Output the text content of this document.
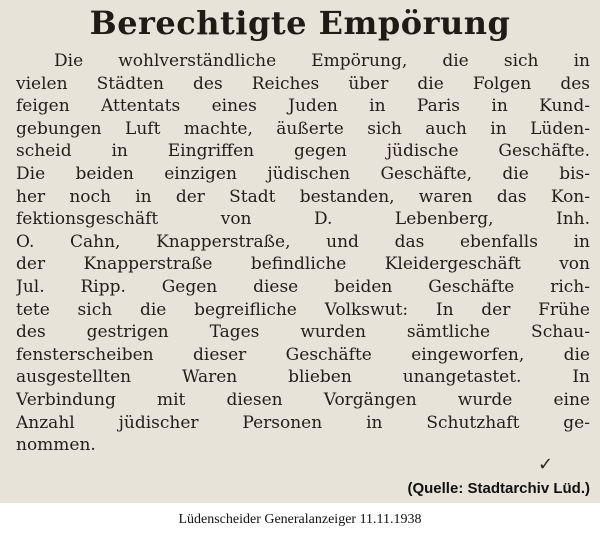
Berechtigte Empörung
Die wohlverständliche Empörung, die sich in
vielen Städten des Reiches über die Folgen des
feigen Attentats eines Juden in Paris in Kund-
gebungen Luft machte, äußerte sich auch in Lüden-
scheid in Eingriffen gegen jüdische Geschäfte.
Die beiden einzigen jüdischen Geschäfte, die bis-
her noch in der Stadt bestanden, waren das Kon-
fektionsgeschäft von D. Lebenberg, Inh.
O. Cahn, Knapperstraße, und das ebenfalls in
der Knapperstraße befindliche Kleidergeschäft von
Jul. Ripp. Gegen diese beiden Geschäfte rich-
tete sich die begreifliche Volkswut: In der Frühe
des gestrigen Tages wurden sämtliche Schau-
fensterscheiben dieser Geschäfte eingeworfen, die
ausgestellten Waren blieben unangetastet. In
Verbindung mit diesen Vorgängen wurde eine
Anzahl jüdischer Personen in Schutzhaft ge-
nommen.
✓
(Quelle: Stadtarchiv Lüd.)
Lüdenscheider Generalanzeiger 11.11.1938
